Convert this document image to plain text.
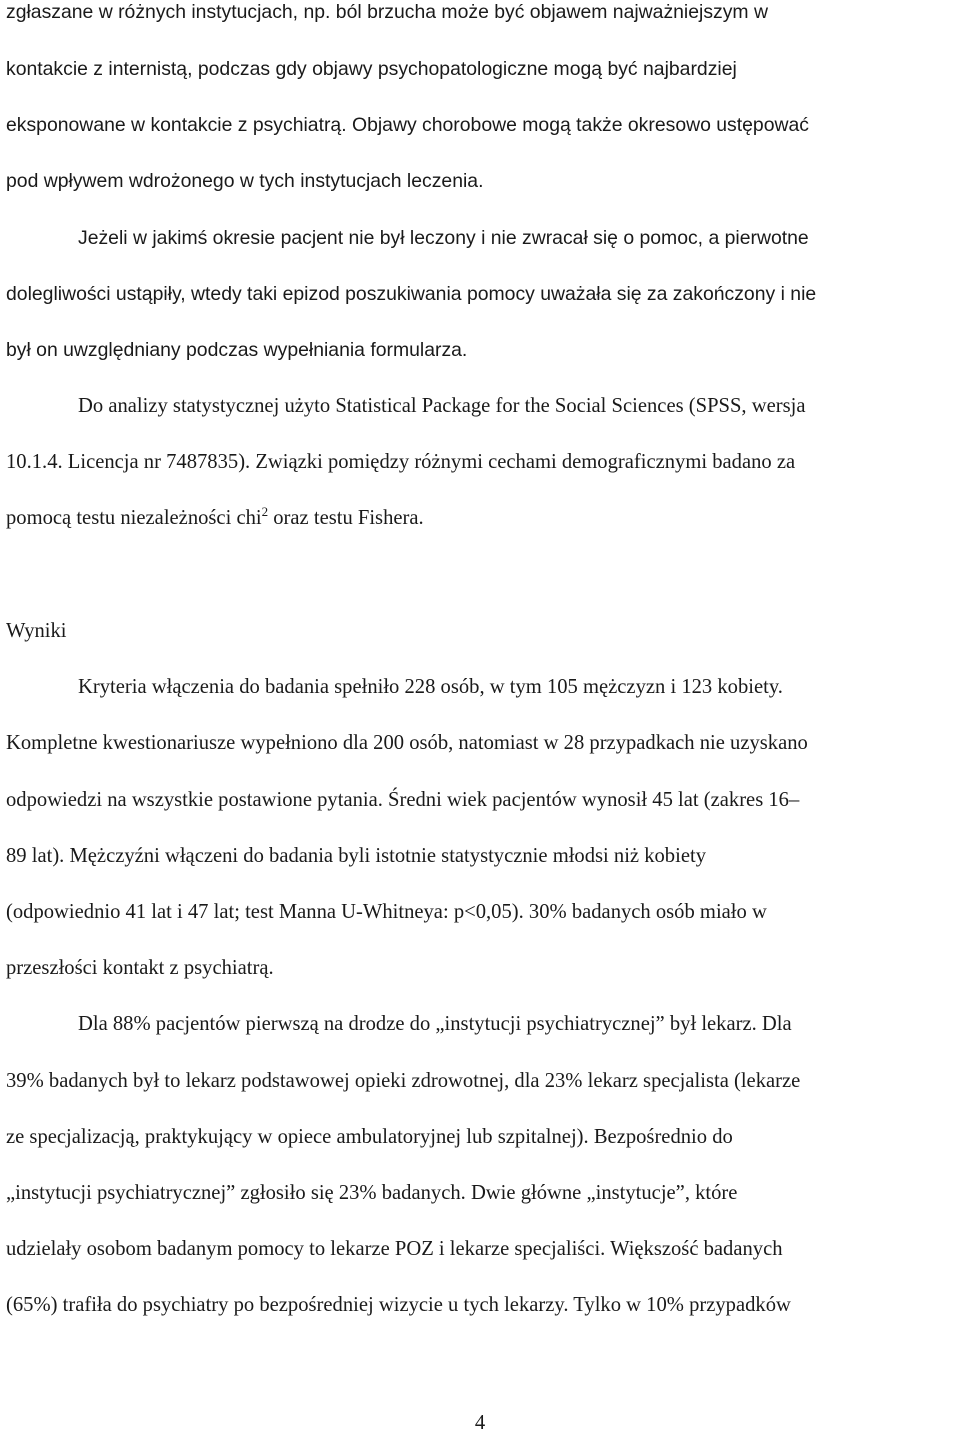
zgłaszane w różnych instytucjach, np. ból brzucha może być objawem najważniejszym w
kontakcie z internistą, podczas gdy objawy psychopatologiczne mogą być najbardziej
eksponowane w kontakcie z psychiatrą. Objawy chorobowe mogą także okresowo ustępować
pod wpływem wdrożonego w tych instytucjach leczenia.
Jeżeli w jakimś okresie pacjent nie był leczony i nie zwracał się o pomoc, a pierwotne
dolegliwości ustąpiły, wtedy taki epizod poszukiwania pomocy uważała się za zakończony i nie
był on uwzględniany podczas wypełniania formularza.
Do analizy statystycznej użyto Statistical Package for the Social Sciences (SPSS, wersja
10.1.4. Licencja nr 7487835). Związki pomiędzy różnymi cechami demograficznymi badano za
pomocą testu niezależności chi$^2$ oraz testu Fishera.
Wyniki
Kryteria włączenia do badania spełniło 228 osób, w tym 105 mężczyzn i 123 kobiety.
Kompletne kwestionariusze wypełniono dla 200 osób, natomiast w 28 przypadkach nie uzyskano
odpowiedzi na wszystkie postawione pytania. Średni wiek pacjentów wynosił 45 lat (zakres 16–
89 lat). Mężczyźni włączeni do badania byli istotnie statystycznie młodsi niż kobiety
(odpowiednio 41 lat i 47 lat; test Manna U-Whitneya: p<0,05). 30% badanych osób miało w
przeszłości kontakt z psychiatrą.
Dla 88% pacjentów pierwszą na drodze do „instytucji psychiatrycznej” był lekarz. Dla
39% badanych był to lekarz podstawowej opieki zdrowotnej, dla 23% lekarz specjalista (lekarze
ze specjalizacją, praktykujący w opiece ambulatoryjnej lub szpitalnej). Bezpośrednio do
„instytucji psychiatrycznej” zgłosiło się 23% badanych. Dwie główne „instytucje”, które
udzielały osobom badanym pomocy to lekarze POZ i lekarze specjaliści. Większość badanych
(65%) trafiła do psychiatry po bezpośredniej wizycie u tych lekarzy. Tylko w 10% przypadków
4
